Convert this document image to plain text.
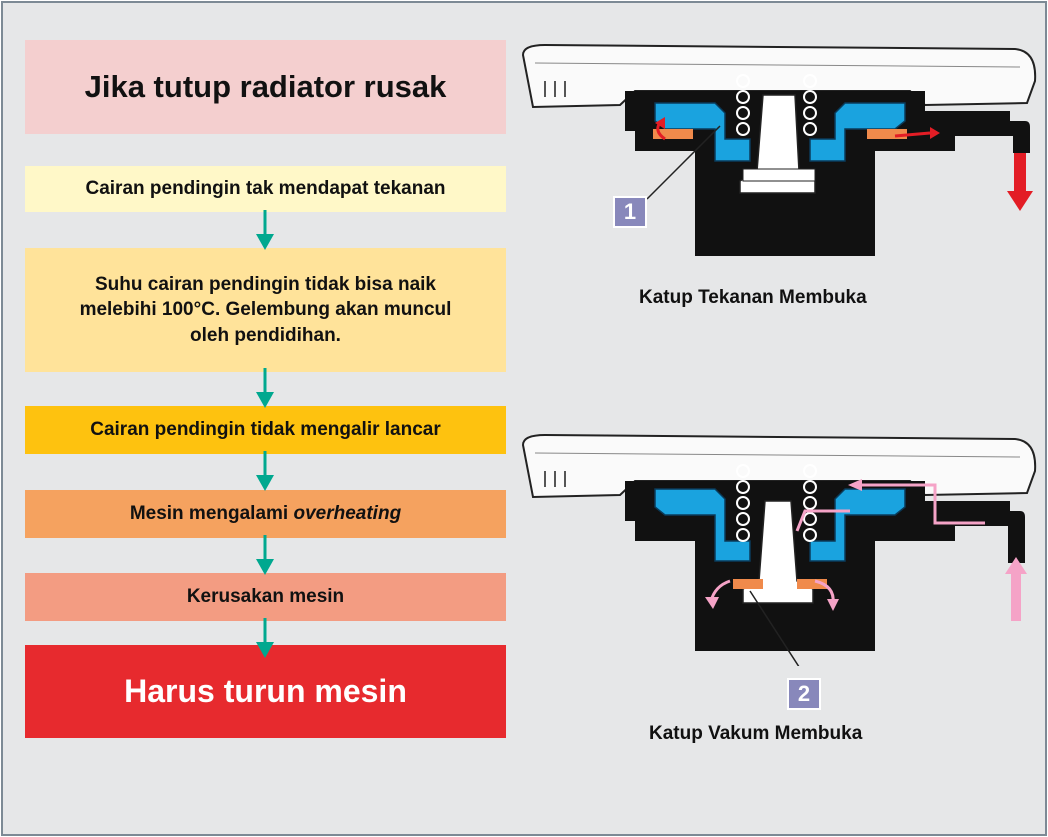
Jika tutup radiator rusak
Cairan pendingin tak mendapat tekanan
Suhu cairan pendingin tidak bisa naik melebihi 100°C. Gelembung akan muncul oleh pendidihan.
Cairan pendingin tidak mengalir lancar
Mesin mengalami overheating
Kerusakan mesin
Harus turun mesin
1
Katup Tekanan Membuka
2
Katup Vakum Membuka
